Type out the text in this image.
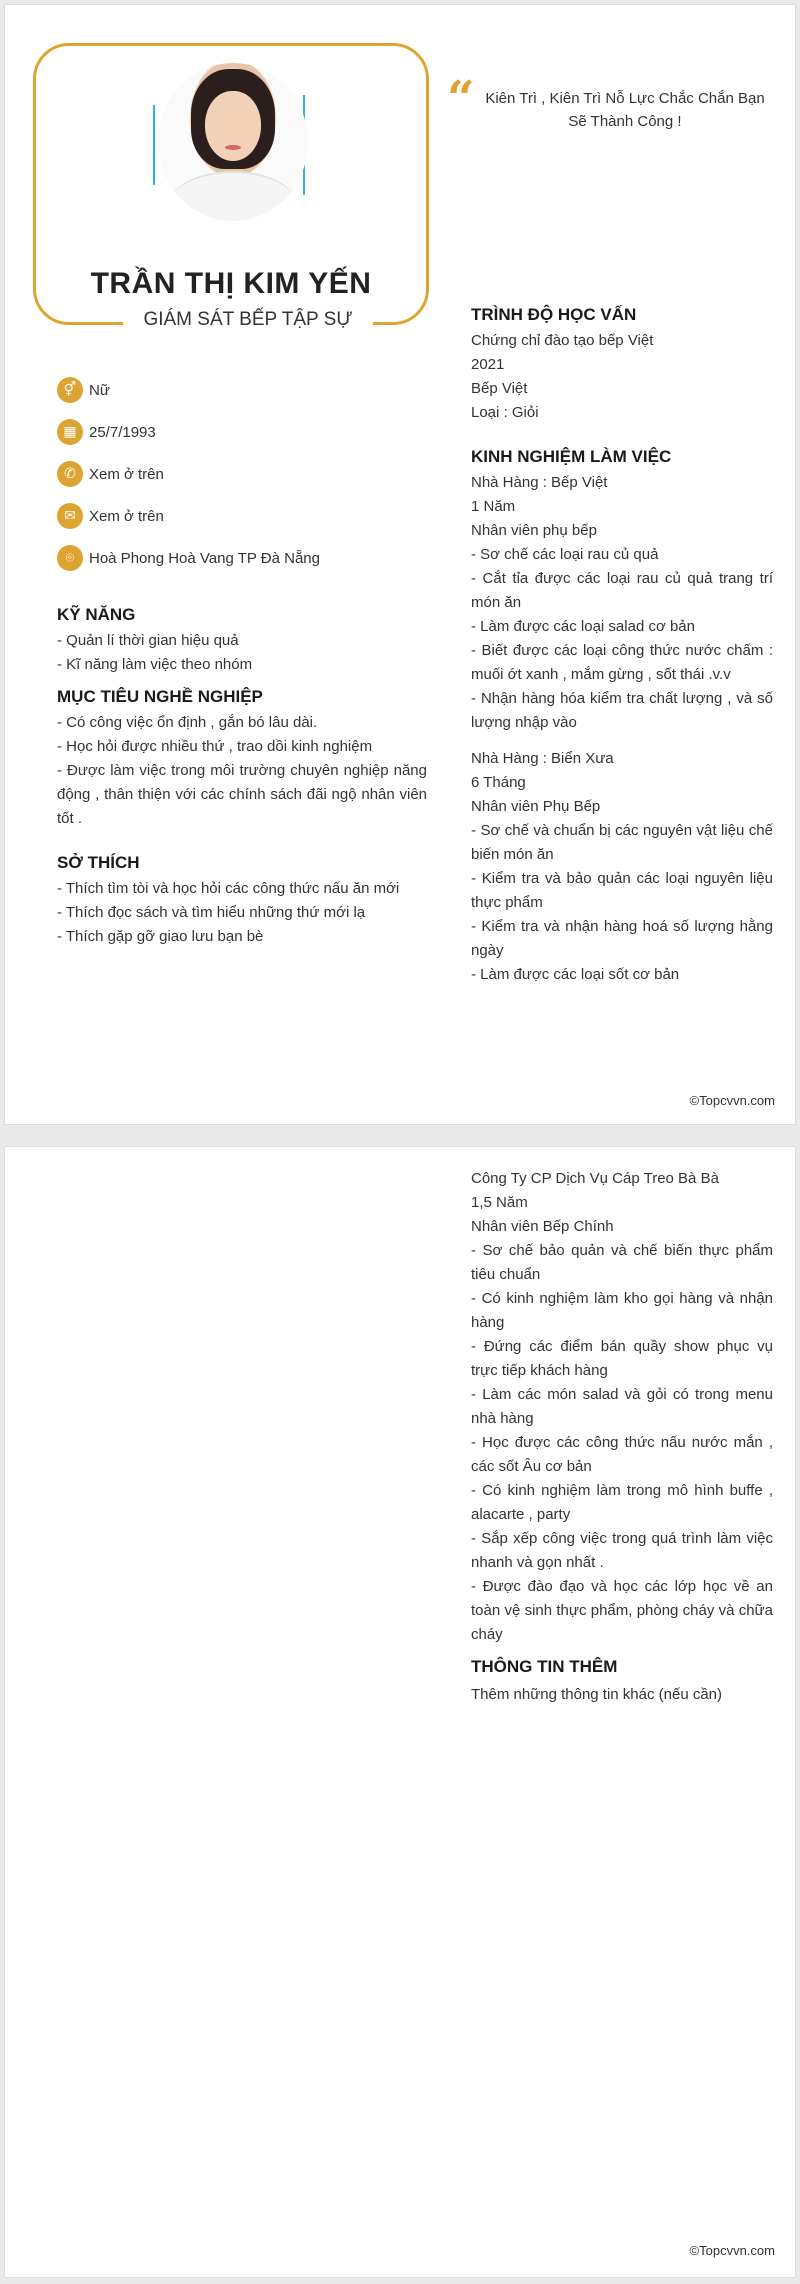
TRẦN THỊ KIM YẾN
GIÁM SÁT BẾP TẬP SỰ
“ Kiên Trì , Kiên Trì Nỗ Lực Chắc Chắn Bạn Sẽ Thành Công !
⚥ Nữ
▦ 25/7/1993
✆ Xem ở trên
✉ Xem ở trên
⌾ Hoà Phong Hoà Vang TP Đà Nẵng
KỸ NĂNG
- Quản lí thời gian hiệu quả
- Kĩ năng làm việc theo nhóm
MỤC TIÊU NGHỀ NGHIỆP
- Có công việc ổn định , gắn bó lâu dài.
- Học hỏi được nhiều thứ , trao dồi kinh nghiệm
- Được làm việc trong môi trường chuyên nghiệp năng động , thân thiện với các chính sách đãi ngộ nhân viên tốt .
SỞ THÍCH
- Thích tìm tòi và học hỏi các công thức nấu ăn mới
- Thích đọc sách và tìm hiểu những thứ mới lạ
- Thích gặp gỡ giao lưu bạn bè
TRÌNH ĐỘ HỌC VẤN
Chứng chỉ đào tạo bếp Việt
2021
Bếp Việt
Loại : Giỏi
KINH NGHIỆM LÀM VIỆC
Nhà Hàng : Bếp Việt
1 Năm
Nhân viên phụ bếp
- Sơ chế các loại rau củ quả
- Cắt tỉa được các loại rau củ quả trang trí món ăn
- Làm được các loại salad cơ bản
- Biết được các loại công thức nước chấm : muối ớt xanh , mắm gừng , sốt thái .v.v
- Nhận hàng hóa kiểm tra chất lượng , và số lượng nhập vào
Nhà Hàng : Biển Xưa
6 Tháng
Nhân viên Phụ Bếp
- Sơ chế và chuẩn bị các nguyên vật liệu chế biến món ăn
- Kiểm tra và bảo quản các loại nguyên liệu thực phẩm
- Kiểm tra và nhận hàng hoá số lượng hằng ngày
- Làm được các loại sốt cơ bản
©Topcvvn.com
Công Ty CP Dịch Vụ Cáp Treo Bà Bà
1,5 Năm
Nhân viên Bếp Chính
- Sơ chế bảo quản và chế biến thực phẩm tiêu chuẩn
- Có kinh nghiệm làm kho gọi hàng và nhận hàng
- Đứng các điểm bán quầy show phục vụ trực tiếp khách hàng
- Làm các món salad và gỏi có trong menu nhà hàng
- Học được các công thức nấu nước mắn , các sốt Âu cơ bản
- Có kinh nghiệm làm trong mô hình buffe , alacarte , party
- Sắp xếp công việc trong quá trình làm việc nhanh và gọn nhất .
- Được đào đạo và học các lớp học về an toàn vệ sinh thực phẩm, phòng cháy và chữa cháy
THÔNG TIN THÊM
Thêm những thông tin khác (nếu cần)
©Topcvvn.com
